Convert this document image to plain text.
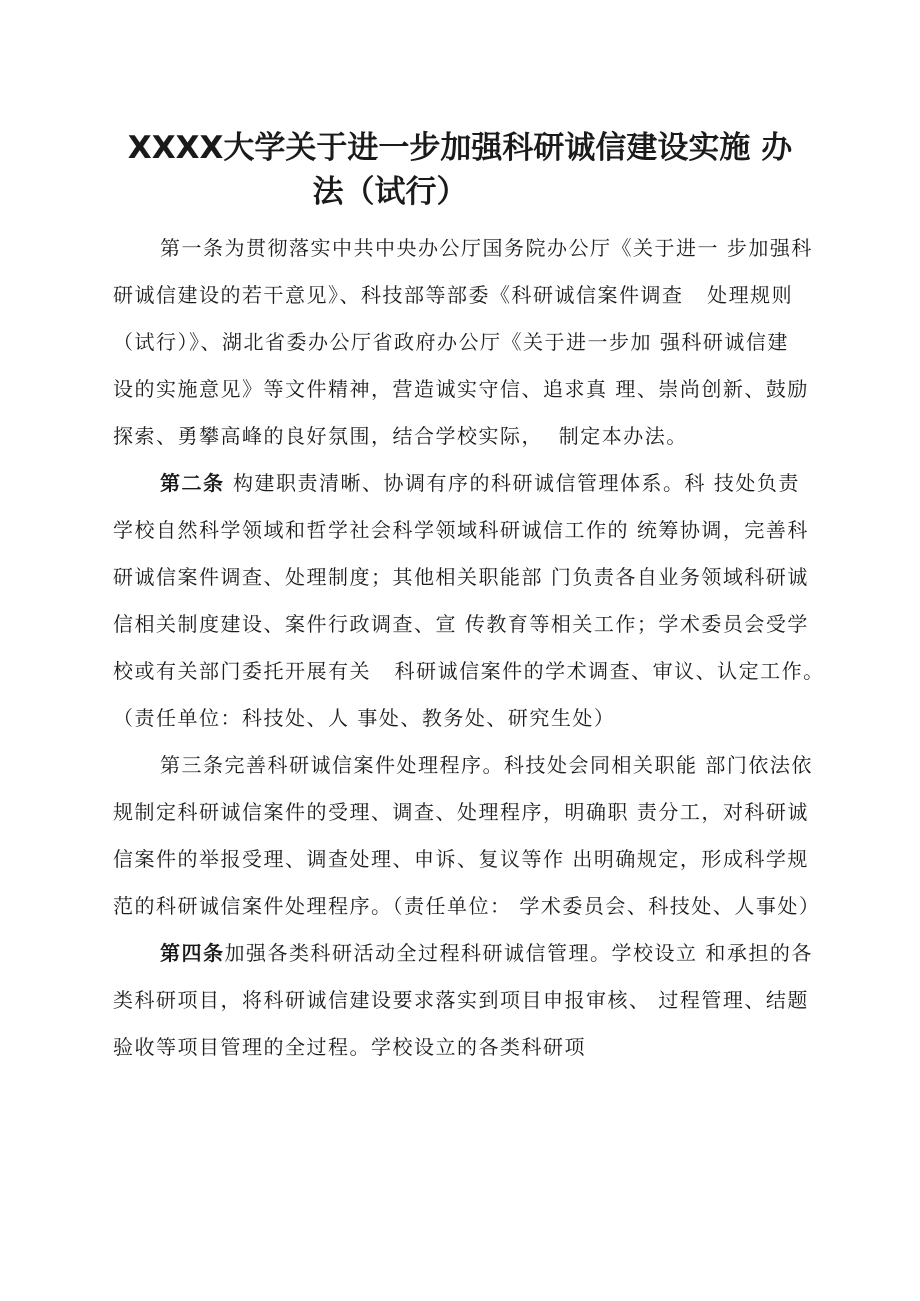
XXXX大学关于进一步加强科研诚信建设实施 办
法（试行）
第一条为贯彻落实中共中央办公厅国务院办公厅《关于进一 步加强科
研诚信建设的若干意见》、科技部等部委《科研诚信案件调查   处理规则
（试行）》、湖北省委办公厅省政府办公厅《关于进一步加 强科研诚信建
设的实施意见》等文件精神，营造诚实守信、追求真 理、崇尚创新、鼓励
探索、勇攀高峰的良好氛围，结合学校实际，  制定本办法。
第二条 构建职责清晰、协调有序的科研诚信管理体系。科 技处负责
学校自然科学领域和哲学社会科学领域科研诚信工作的 统筹协调，完善科
研诚信案件调查、处理制度；其他相关职能部 门负责各自业务领域科研诚
信相关制度建设、案件行政调查、宣 传教育等相关工作；学术委员会受学
校或有关部门委托开展有关   科研诚信案件的学术调查、审议、认定工作。
（责任单位：科技处、人 事处、教务处、研究生处）
第三条完善科研诚信案件处理程序。科技处会同相关职能 部门依法依
规制定科研诚信案件的受理、调查、处理程序，明确职 责分工，对科研诚
信案件的举报受理、调查处理、申诉、复议等作 出明确规定，形成科学规
范的科研诚信案件处理程序。（责任单位： 学术委员会、科技处、人事处）
第四条加强各类科研活动全过程科研诚信管理。学校设立 和承担的各
类科研项目，将科研诚信建设要求落实到项目申报审核、 过程管理、结题
验收等项目管理的全过程。学校设立的各类科研项
